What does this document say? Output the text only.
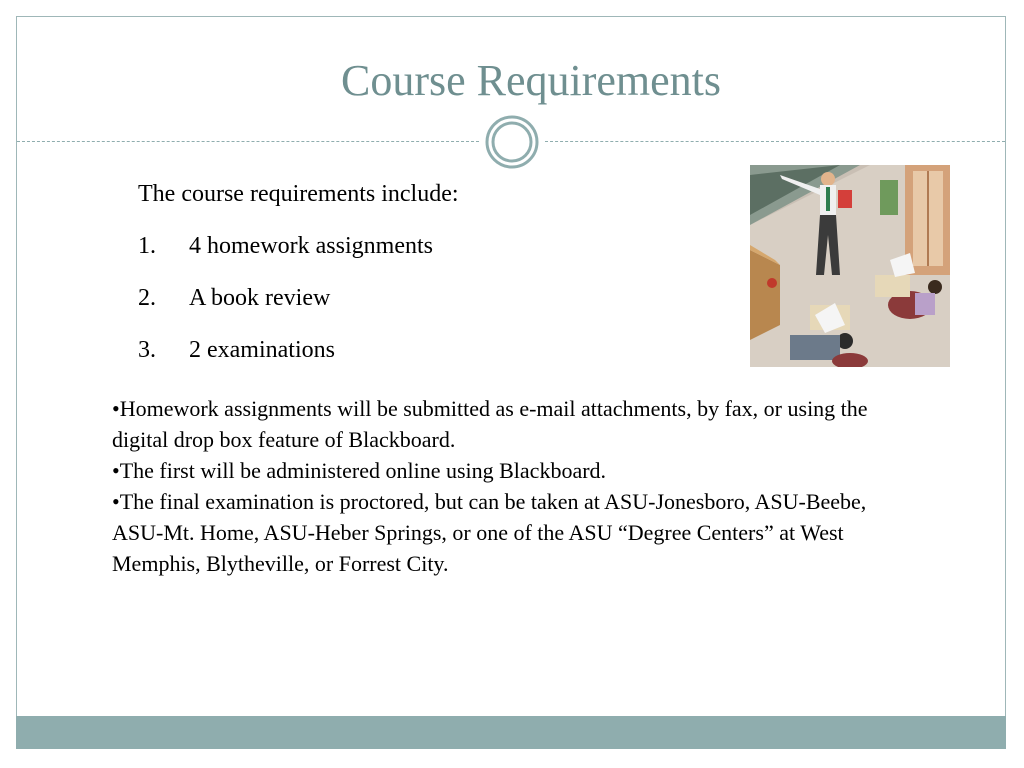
Course Requirements
The course requirements include:
1.	4 homework assignments
2.	A book review
3.	2 examinations

•Homework assignments will be submitted as e-mail attachments, by fax, or using the digital drop box feature of Blackboard.

•The first will be administered online using Blackboard.

•The final examination is proctored, but can be taken at ASU-Jonesboro, ASU-Beebe, ASU-Mt. Home, ASU-Heber Springs, or one of the ASU “Degree Centers” at West Memphis, Blytheville, or Forrest City.
